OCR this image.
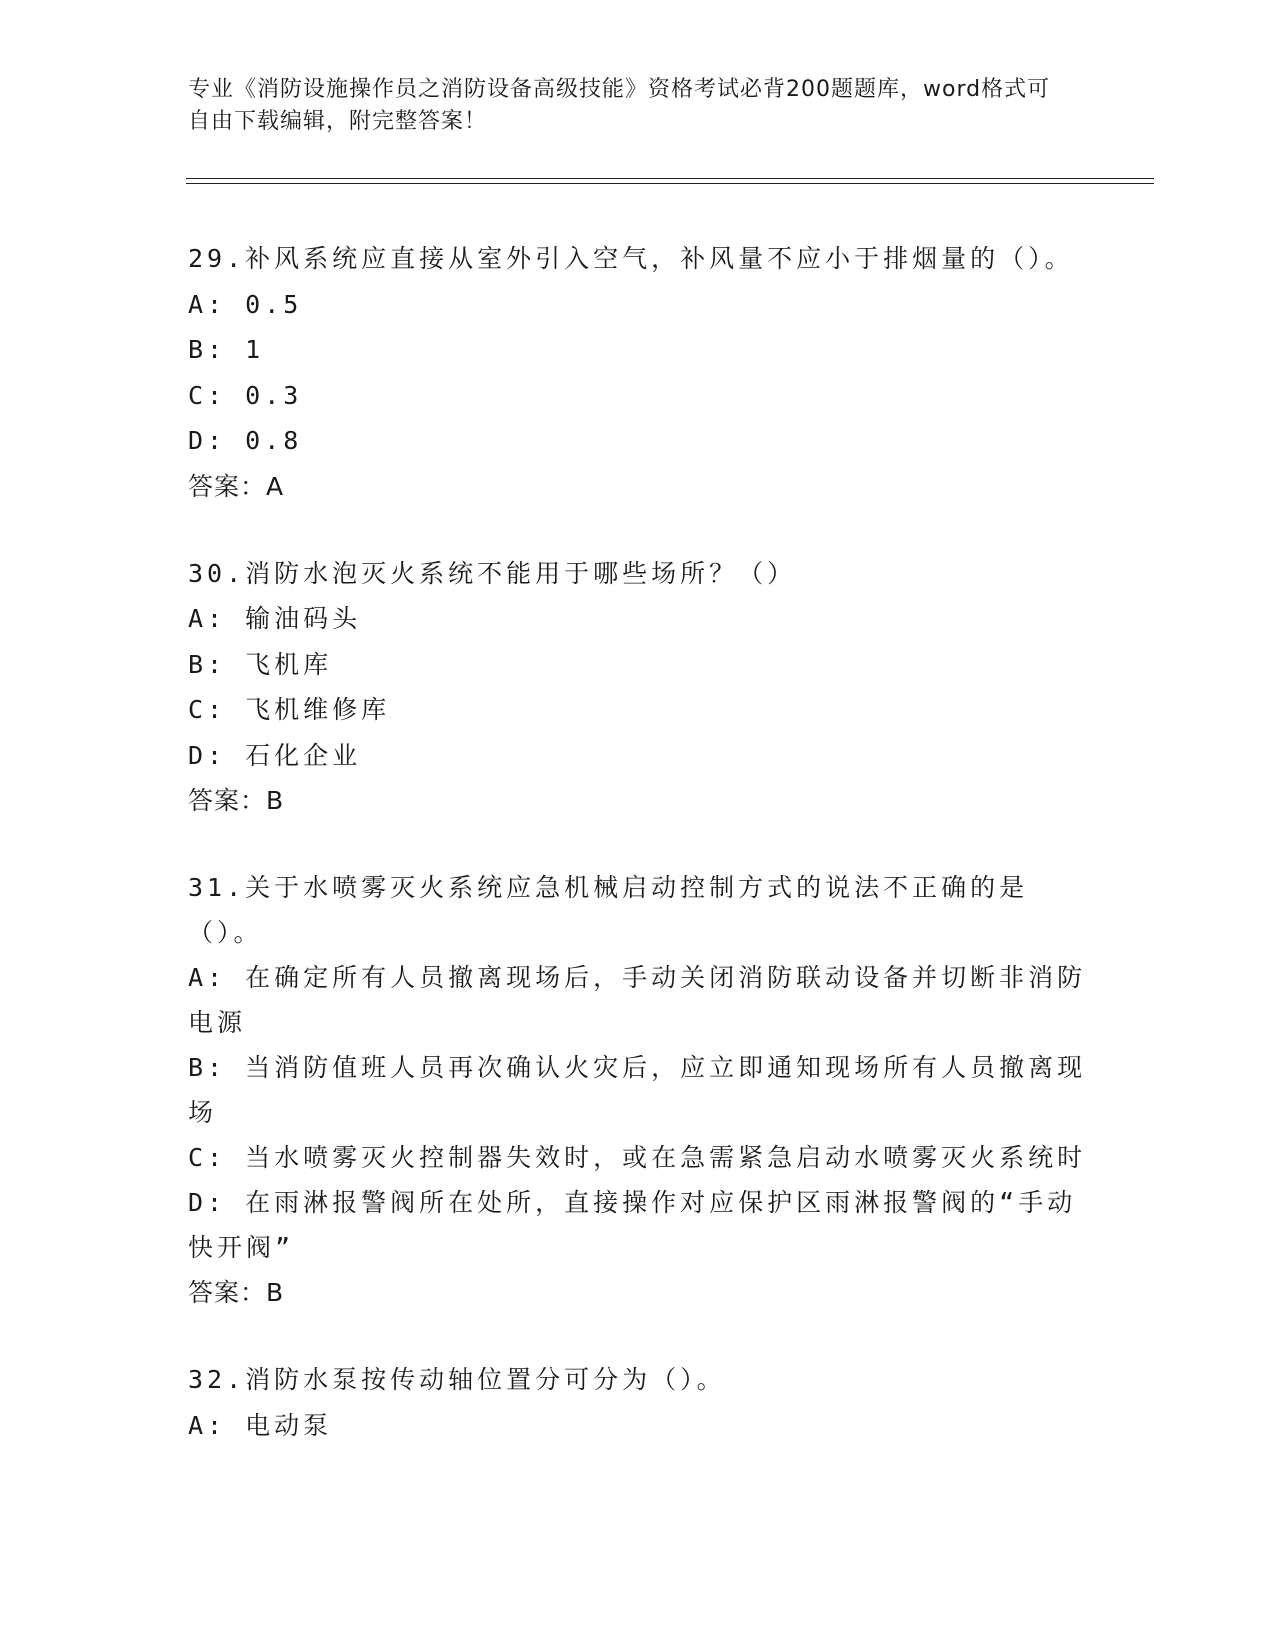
专业《消防设施操作员之消防设备高级技能》资格考试必背200题题库，word格式可自由下载编辑，附完整答案！
29.补风系统应直接从室外引入空气，补风量不应小于排烟量的（）。
A: 0.5
B: 1
C: 0.3
D: 0.8
答案：A
30.消防水泡灭火系统不能用于哪些场所？（）
A: 输油码头
B: 飞机库
C: 飞机维修库
D: 石化企业
答案：B
31.关于水喷雾灭火系统应急机械启动控制方式的说法不正确的是（）。
A: 在确定所有人员撤离现场后，手动关闭消防联动设备并切断非消防电源
B: 当消防值班人员再次确认火灾后，应立即通知现场所有人员撤离现场
C: 当水喷雾灭火控制器失效时，或在急需紧急启动水喷雾灭火系统时
D: 在雨淋报警阀所在处所，直接操作对应保护区雨淋报警阀的“手动快开阀”
答案：B
32.消防水泵按传动轴位置分可分为（）。
A: 电动泵
